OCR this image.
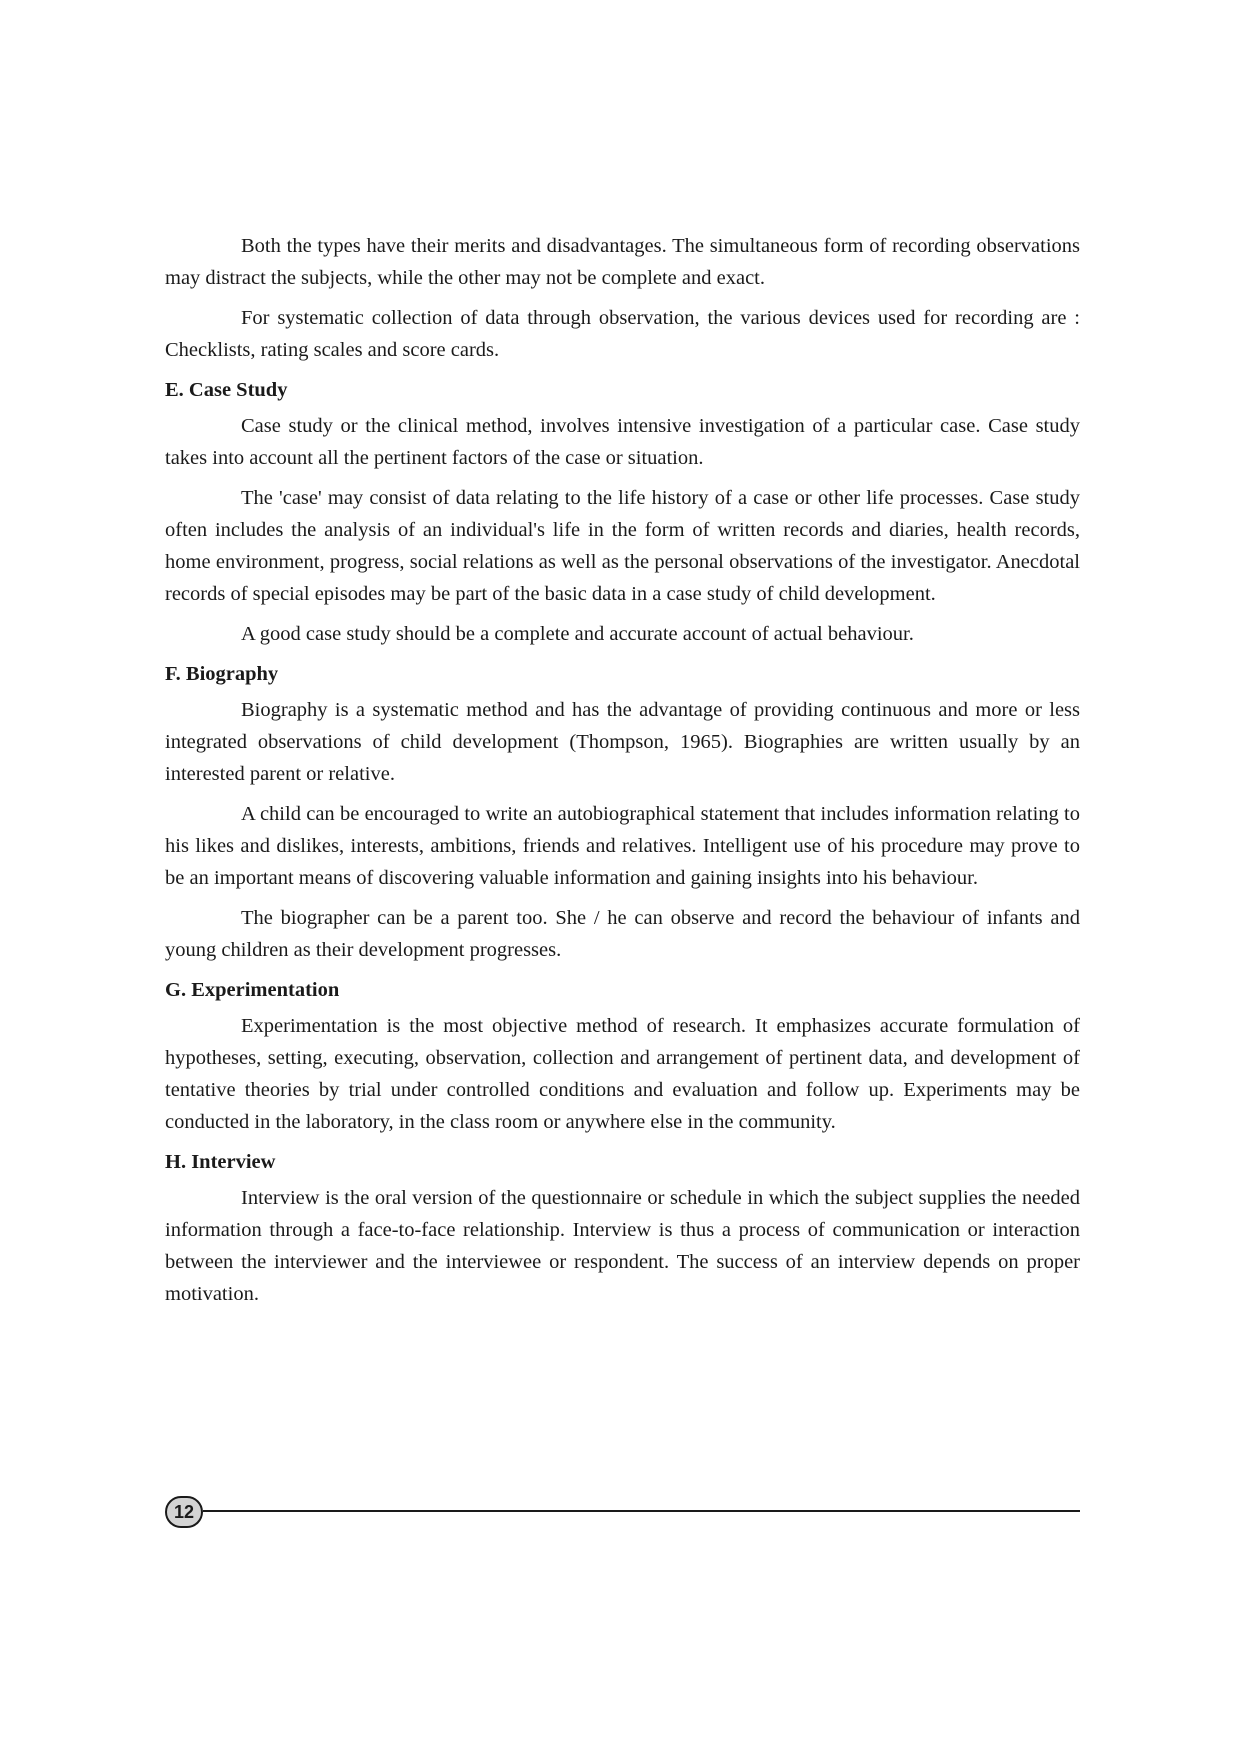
Both the types have their merits and disadvantages. The simultaneous form of recording observations may distract the subjects, while the other may not be complete and exact.

For systematic collection of data through observation, the various devices used for recording are : Checklists, rating scales and score cards.

E. Case Study

Case study or the clinical method, involves intensive investigation of a particular case. Case study takes into account all the pertinent factors of the case or situation.

The 'case' may consist of data relating to the life history of a case or other life processes. Case study often includes the analysis of an individual's life in the form of written records and diaries, health records, home environment, progress, social relations as well as the personal observations of the investigator. Anecdotal records of special episodes may be part of the basic data in a case study of child development.

A good case study should be a complete and accurate account of actual behaviour.

F. Biography

Biography is a systematic method and has the advantage of providing continuous and more or less integrated observations of child development (Thompson, 1965). Biographies are written usually by an interested parent or relative.

A child can be encouraged to write an autobiographical statement that includes information relating to his likes and dislikes, interests, ambitions, friends and relatives. Intelligent use of his procedure may prove to be an important means of discovering valuable information and gaining insights into his behaviour.

The biographer can be a parent too. She / he can observe and record the behaviour of infants and young children as their development progresses.

G. Experimentation

Experimentation is the most objective method of research. It emphasizes accurate formulation of hypotheses, setting, executing, observation, collection and arrangement of pertinent data, and development of tentative theories by trial under controlled conditions and evaluation and follow up. Experiments may be conducted in the laboratory, in the class room or anywhere else in the community.

H. Interview

Interview is the oral version of the questionnaire or schedule in which the subject supplies the needed information through a face-to-face relationship. Interview is thus a process of communication or interaction between the interviewer and the interviewee or respondent. The success of an interview depends on proper motivation.

12
